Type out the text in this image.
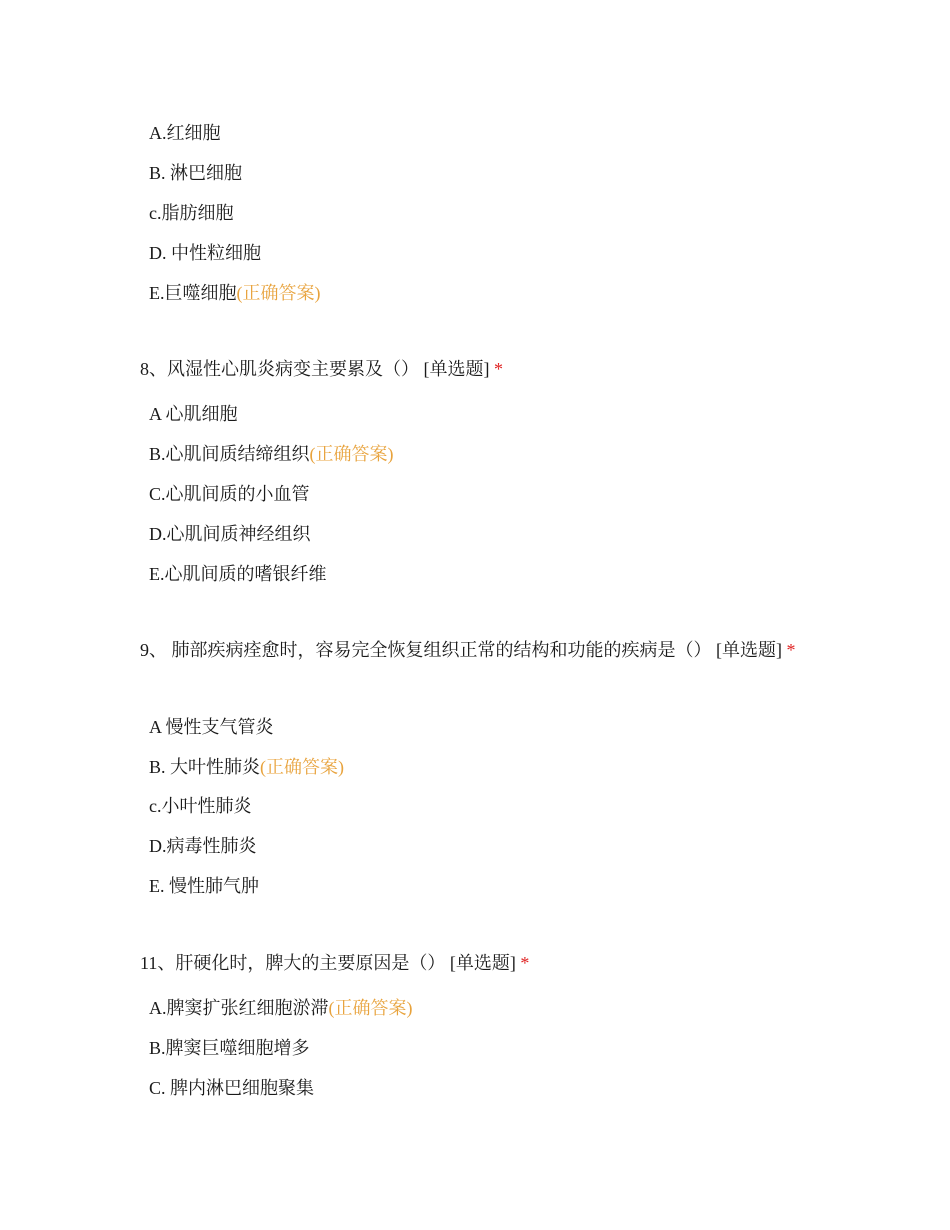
A.红细胞
B. 淋巴细胞
c.脂肪细胞
D. 中性粒细胞
E.巨噬细胞(正确答案)
8、风湿性心肌炎病变主要累及（） [单选题] *
A 心肌细胞
B.心肌间质结缔组织(正确答案)
C.心肌间质的小血管
D.心肌间质神经组织
E.心肌间质的嗜银纤维
9、 肺部疾病痊愈时，容易完全恢复组织正常的结构和功能的疾病是（） [单选题] *
A 慢性支气管炎
B. 大叶性肺炎(正确答案)
c.小叶性肺炎
D.病毒性肺炎
E. 慢性肺气肿
11、肝硬化时，脾大的主要原因是（） [单选题] *
A.脾窦扩张红细胞淤滞(正确答案)
B.脾窦巨噬细胞增多
C. 脾内淋巴细胞聚集
